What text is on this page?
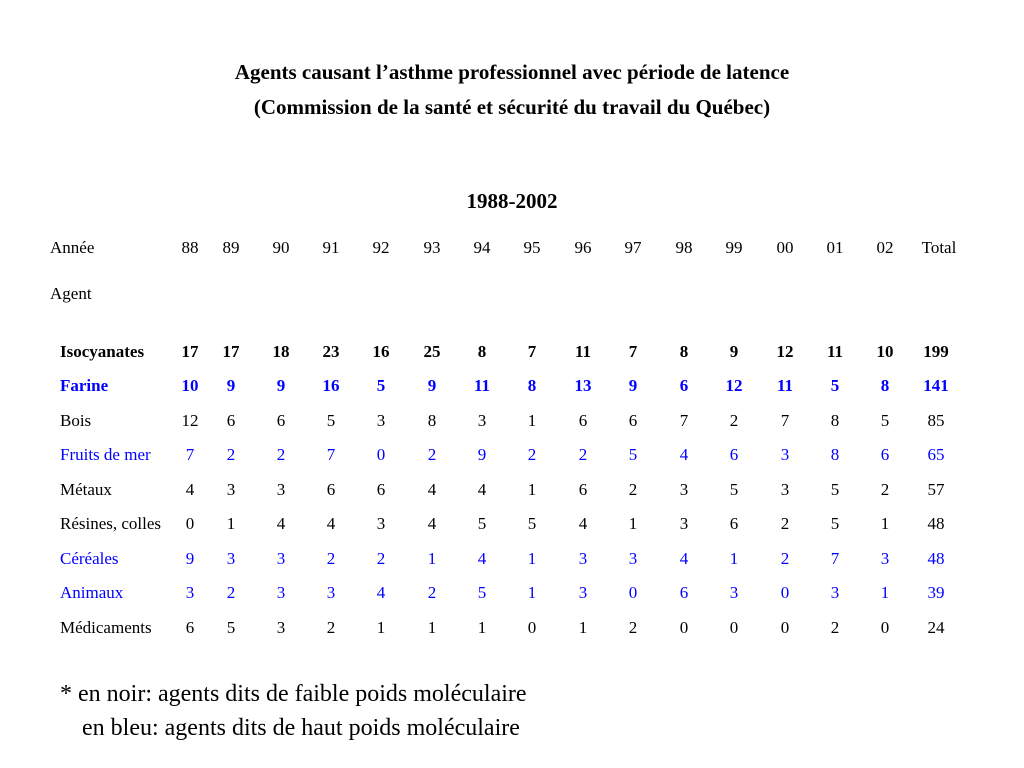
Agents causant l’asthme professionnel avec période de latence
(Commission de la santé et sécurité du travail du Québec)
1988-2002
Année
Agent
88	89	90	91	92	93	94	95	96	97	98	99	00	01	02	Total
Isocyanates	17	17	18	23	16	25	8	7	11	7	8	9	12	11	10	199
Farine	10	9	9	16	5	9	11	8	13	9	6	12	11	5	8	141
Bois	12	6	6	5	3	8	3	1	6	6	7	2	7	8	5	85
Fruits de mer	7	2	2	7	0	2	9	2	2	5	4	6	3	8	6	65
Métaux	4	3	3	6	6	4	4	1	6	2	3	5	3	5	2	57
Résines, colles	0	1	4	4	3	4	5	5	4	1	3	6	2	5	1	48
Céréales	9	3	3	2	2	1	4	1	3	3	4	1	2	7	3	48
Animaux	3	2	3	3	4	2	5	1	3	0	6	3	0	3	1	39
Médicaments	6	5	3	2	1	1	1	0	1	2	0	0	0	2	0	24
* en noir: agents dits de faible poids moléculaire
en bleu: agents dits de haut poids moléculaire
